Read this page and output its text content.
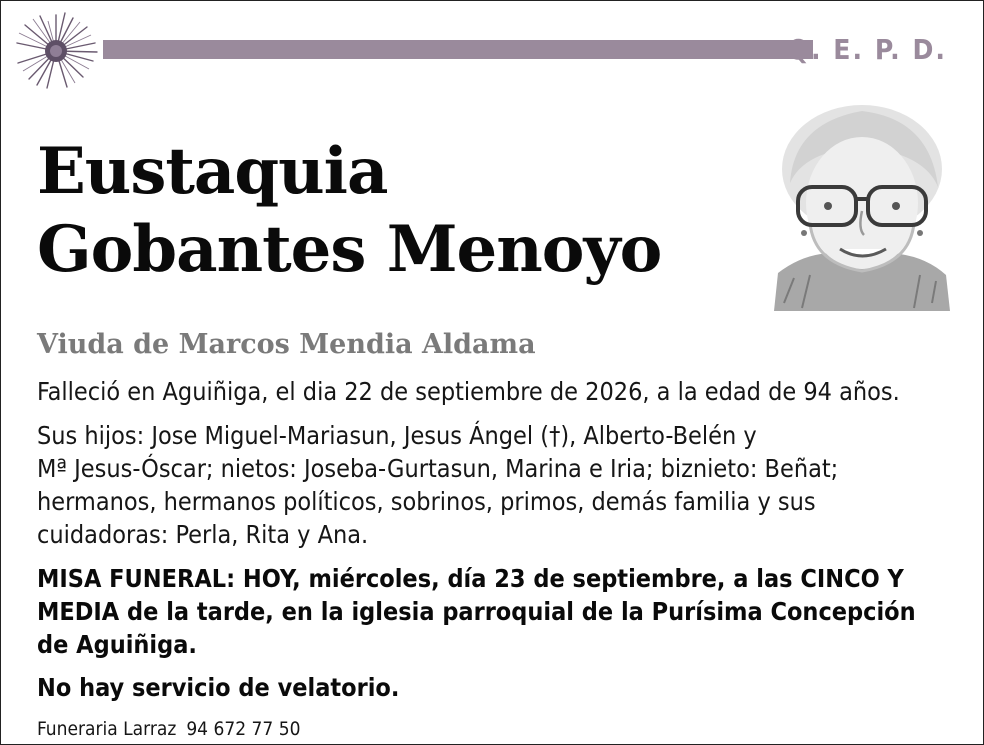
Q. E. P. D.
Eustaquia
Gobantes Menoyo
Viuda de Marcos Mendia Aldama
Falleció en Aguiñiga, el dia 22 de septiembre de 2026, a la edad de 94 años.
Sus hijos: Jose Miguel-Mariasun, Jesus Ángel (†), Alberto-Belén y
Mª Jesus-Óscar; nietos: Joseba-Gurtasun, Marina e Iria; biznieto: Beñat;
hermanos, hermanos políticos, sobrinos, primos, demás familia y sus
cuidadoras: Perla, Rita y Ana.
MISA FUNERAL: HOY, miércoles, día 23 de septiembre, a las CINCO Y
MEDIA de la tarde, en la iglesia parroquial de la Purísima Concepción
de Aguiñiga.
No hay servicio de velatorio.
Funeraria Larraz 94 672 77 50
